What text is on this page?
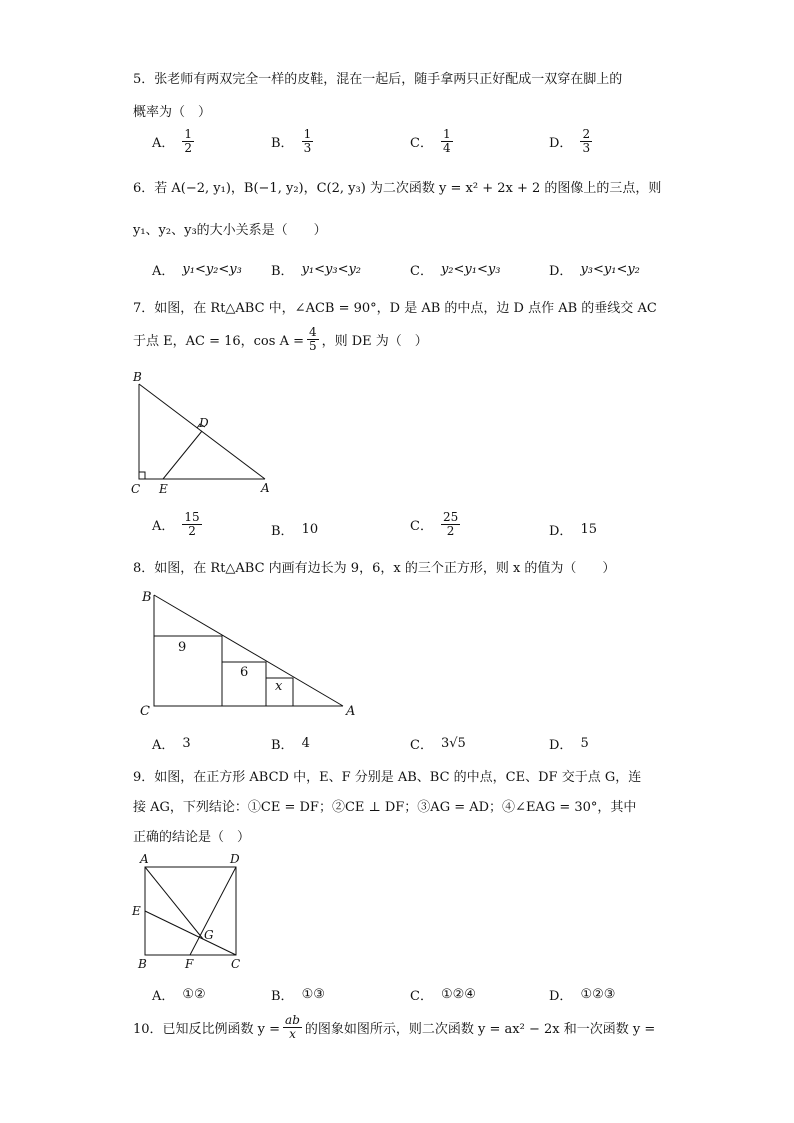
5．张老师有两双完全一样的皮鞋，混在一起后，随手拿两只正好配成一双穿在脚上的
概率为（　）
A． $\frac{1}{2}$	B． $\frac{1}{3}$	C． $\frac{1}{4}$	D． $\frac{2}{3}$
6．若 A(−2, y₁)，B(−1, y₂)，C(2, y₃) 为二次函数 y = x² + 2x + 2 的图像上的三点，则
y₁、y₂、y₃的大小关系是（　　）
A． y₁<y₂<y₃ B． y₁<y₃<y₂	C． y₂<y₁<y₃	D． y₃<y₁<y₂
7．如图，在 Rt△ABC 中，∠ACB = 90°，D 是 AB 的中点，边 D 点作 AB 的垂线交 AC
于点 E，AC = 16，$\cos A = \frac{4}{5}$ ，则 DE 为（　）
B
C E
D
A
A． $\frac{15}{2}$	B． 10	C． $\frac{25}{2}$	D． 15
8．如图，在 Rt△ABC 内画有边长为 9，6，x 的三个正方形，则 x 的值为（　　）
B
C	A
9
6
x
A． 3	B． 4	C． 3√5	D． 5
9．如图，在正方形 ABCD 中，E、F 分别是 AB、BC 的中点，CE、DF 交于点 G，连
接 AG，下列结论：①CE = DF；②CE ⊥ DF；③AG = AD；④∠EAG = 30°，其中
正确的结论是（　）
A	D
E
G
B	F	C
A． ①②	B． ①③	C． ①②④	D． ①②③
10．已知反比例函数 $y = \frac{ab}{x}$ 的图象如图所示，则二次函数 y = ax² − 2x 和一次函数 y =
